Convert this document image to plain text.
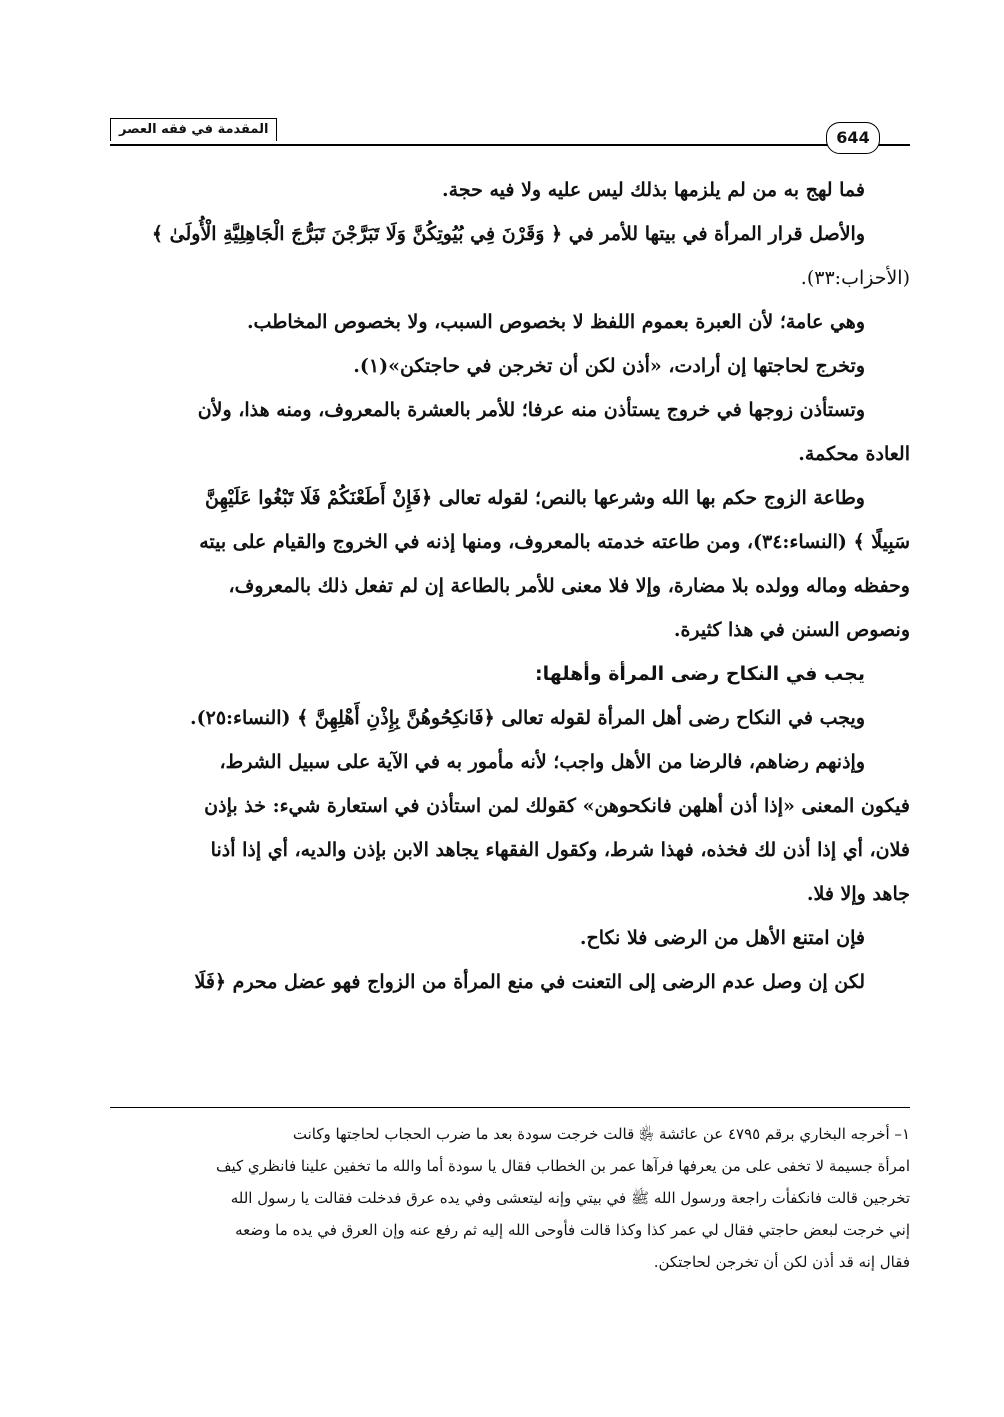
المقدمة في فقه العصر	644
فما لهج به من لم يلزمها بذلك ليس عليه ولا فيه حجة.
والأصل قرار المرأة في بيتها للأمر في ﴿ وَقَرْنَ فِي بُيُوتِكُنَّ وَلَا تَبَرَّجْنَ تَبَرُّجَ الْجَاهِلِيَّةِ الْأُولَىٰ ﴾
(الأحزاب:٣٣).
وهي عامة؛ لأن العبرة بعموم اللفظ لا بخصوص السبب، ولا بخصوص المخاطب.
وتخرج لحاجتها إن أرادت، «أذن لكن أن تخرجن في حاجتكن»(١).
وتستأذن زوجها في خروج يستأذن منه عرفا؛ للأمر بالعشرة بالمعروف، ومنه هذا، ولأن
العادة محكمة.
وطاعة الزوج حكم بها الله وشرعها بالنص؛ لقوله تعالى ﴿فَإِنْ أَطَعْنَكُمْ فَلَا تَبْغُوا عَلَيْهِنَّ
سَبِيلًا ﴾ (النساء:٣٤)، ومن طاعته خدمته بالمعروف، ومنها إذنه في الخروج والقيام على بيته
وحفظه وماله وولده بلا مضارة، وإلا فلا معنى للأمر بالطاعة إن لم تفعل ذلك بالمعروف،
ونصوص السنن في هذا كثيرة.
يجب في النكاح رضى المرأة وأهلها:
ويجب في النكاح رضى أهل المرأة لقوله تعالى ﴿فَانكِحُوهُنَّ بِإِذْنِ أَهْلِهِنَّ ﴾ (النساء:٢٥).
وإذنهم رضاهم، فالرضا من الأهل واجب؛ لأنه مأمور به في الآية على سبيل الشرط،
فيكون المعنى «إذا أذن أهلهن فانكحوهن» كقولك لمن استأذن في استعارة شيء: خذ بإذن
فلان، أي إذا أذن لك فخذه، فهذا شرط، وكقول الفقهاء يجاهد الابن بإذن والديه، أي إذا أذنا
جاهد وإلا فلا.
فإن امتنع الأهل من الرضى فلا نكاح.
لكن إن وصل عدم الرضى إلى التعنت في منع المرأة من الزواج فهو عضل محرم ﴿فَلَا
١– أخرجه البخاري برقم ٤٧٩٥ عن عائشة ﵂ قالت خرجت سودة بعد ما ضرب الحجاب لحاجتها وكانت
امرأة جسيمة لا تخفى على من يعرفها فرآها عمر بن الخطاب فقال يا سودة أما والله ما تخفين علينا فانظري كيف
تخرجين قالت فانكفأت راجعة ورسول الله ﷺ في بيتي وإنه ليتعشى وفي يده عرق فدخلت فقالت يا رسول الله
إني خرجت لبعض حاجتي فقال لي عمر كذا وكذا قالت فأوحى الله إليه ثم رفع عنه وإن العرق في يده ما وضعه
فقال إنه قد أذن لكن أن تخرجن لحاجتكن.
